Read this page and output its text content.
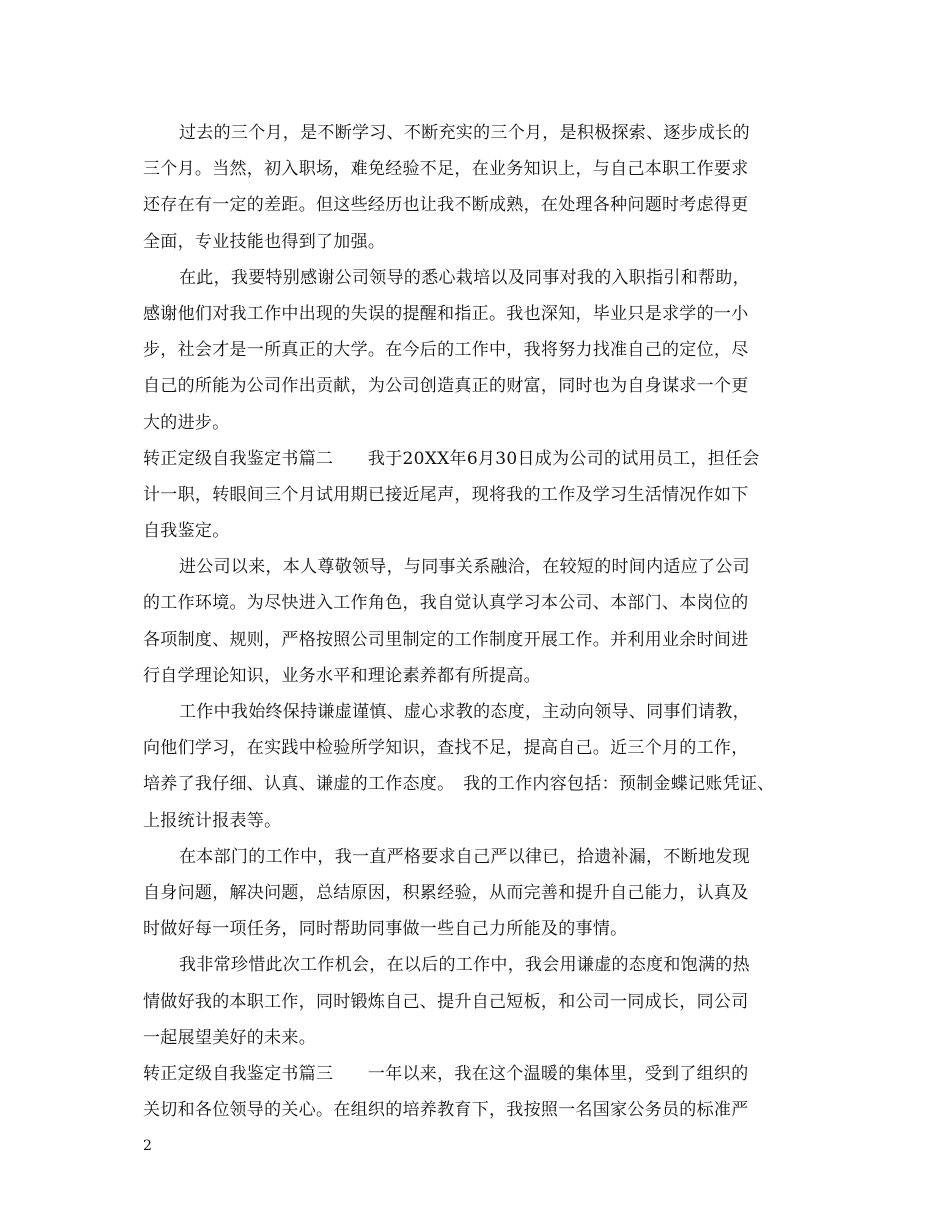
过去的三个月，是不断学习、不断充实的三个月，是积极探索、逐步成长的
三个月。当然，初入职场，难免经验不足，在业务知识上，与自己本职工作要求
还存在有一定的差距。但这些经历也让我不断成熟，在处理各种问题时考虑得更
全面，专业技能也得到了加强。
在此，我要特别感谢公司领导的悉心栽培以及同事对我的入职指引和帮助，
感谢他们对我工作中出现的失误的提醒和指正。我也深知，毕业只是求学的一小
步，社会才是一所真正的大学。在今后的工作中，我将努力找准自己的定位，尽
自己的所能为公司作出贡献，为公司创造真正的财富，同时也为自身谋求一个更
大的进步。
转正定级自我鉴定书篇二　　我于20XX年6月30日成为公司的试用员工，担任会
计一职，转眼间三个月试用期已接近尾声，现将我的工作及学习生活情况作如下
自我鉴定。
进公司以来，本人尊敬领导，与同事关系融洽，在较短的时间内适应了公司
的工作环境。为尽快进入工作角色，我自觉认真学习本公司、本部门、本岗位的
各项制度、规则，严格按照公司里制定的工作制度开展工作。并利用业余时间进
行自学理论知识，业务水平和理论素养都有所提高。
工作中我始终保持谦虚谨慎、虚心求教的态度，主动向领导、同事们请教，
向他们学习，在实践中检验所学知识，查找不足，提高自己。近三个月的工作，
培养了我仔细、认真、谦虚的工作态度。　我的工作内容包括：预制金蝶记账凭证、
上报统计报表等。
在本部门的工作中，我一直严格要求自己严以律已，拾遗补漏，不断地发现
自身问题，解决问题，总结原因，积累经验，从而完善和提升自己能力，认真及
时做好每一项任务，同时帮助同事做一些自己力所能及的事情。
我非常珍惜此次工作机会，在以后的工作中，我会用谦虚的态度和饱满的热
情做好我的本职工作，同时锻炼自己、提升自己短板，和公司一同成长，同公司
一起展望美好的未来。
转正定级自我鉴定书篇三　　一年以来，我在这个温暖的集体里，受到了组织的
关切和各位领导的关心。在组织的培养教育下，我按照一名国家公务员的标准严
2
